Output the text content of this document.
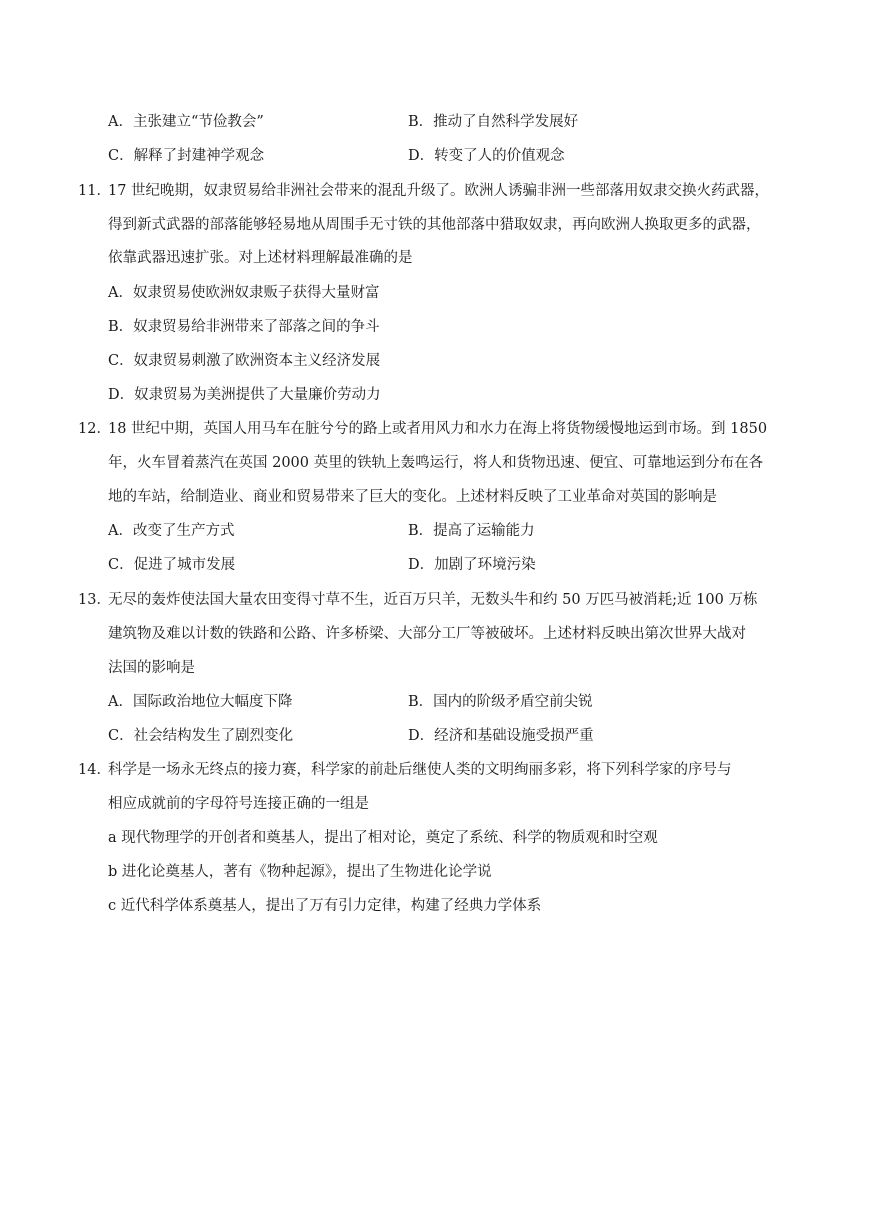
A．主张建立“节俭教会”	B．推动了自然科学发展好
C．解释了封建神学观念	D．转变了人的价值观念
11．
17 世纪晚期，奴隶贸易给非洲社会带来的混乱升级了。欧洲人诱骗非洲一些部落用奴隶交换火药武器，
得到新式武器的部落能够轻易地从周围手无寸铁的其他部落中猎取奴隶，再向欧洲人换取更多的武器，
依靠武器迅速扩张。对上述材料理解最准确的是
A．奴隶贸易使欧洲奴隶贩子获得大量财富
B．奴隶贸易给非洲带来了部落之间的争斗
C．奴隶贸易刺激了欧洲资本主义经济发展
D．奴隶贸易为美洲提供了大量廉价劳动力
12．
18 世纪中期，英国人用马车在脏兮兮的路上或者用风力和水力在海上将货物缓慢地运到市场。到 1850
年，火车冒着蒸汽在英国 2000 英里的铁轨上轰鸣运行，将人和货物迅速、便宜、可靠地运到分布在各
地的车站，给制造业、商业和贸易带来了巨大的变化。上述材料反映了工业革命对英国的影响是
A．改变了生产方式	B．提高了运输能力
C．促进了城市发展	D．加剧了环境污染
13．
无尽的轰炸使法国大量农田变得寸草不生，近百万只羊，无数头牛和约 50 万匹马被消耗;近 100 万栋
建筑物及难以计数的铁路和公路、许多桥梁、大部分工厂等被破坏。上述材料反映出第次世界大战对
法国的影响是
A．国际政治地位大幅度下降	B．国内的阶级矛盾空前尖锐
C．社会结构发生了剧烈变化	D．经济和基础设施受损严重
14．
科学是一场永无终点的接力赛，科学家的前赴后继使人类的文明绚丽多彩，将下列科学家的序号与
相应成就前的字母符号连接正确的一组是
a 现代物理学的开创者和奠基人，提出了相对论，奠定了系统、科学的物质观和时空观
b 进化论奠基人，著有《物种起源》，提出了生物进化论学说
c 近代科学体系奠基人，提出了万有引力定律，构建了经典力学体系
